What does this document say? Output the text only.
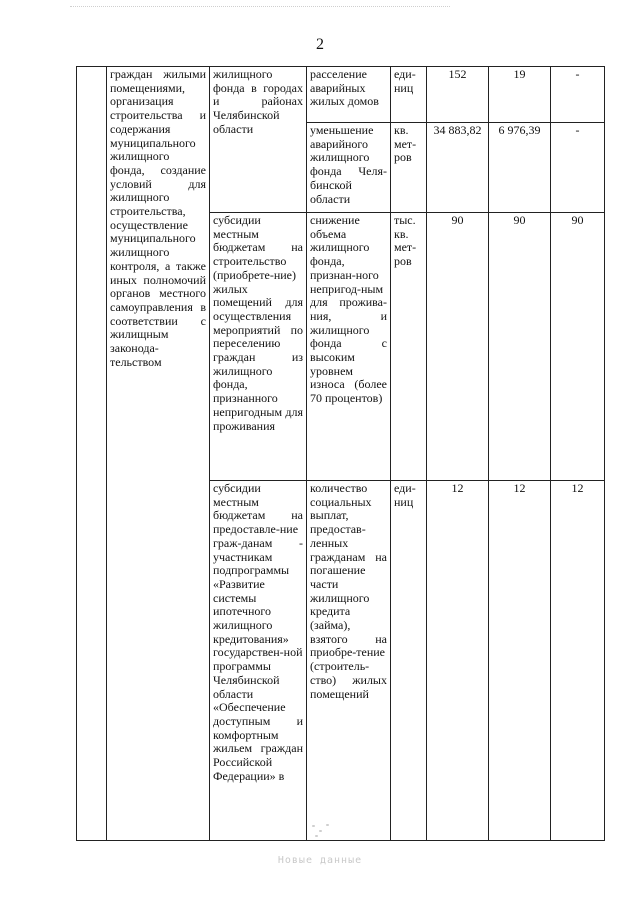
2
	граждан жилыми помещениями, организация строительства и содержания муниципального жилищного фонда, создание условий для жилищного строительства, осуществление муниципального жилищного контроля, а также иных полномочий органов местного самоуправления в соответствии с жилищным законода-тельством	жилищного фонда в городах и районах Челябинской области	расселение аварийных жилых домов	еди-ниц	152	19	-
			уменьшение аварийного жилищного фонда Челя-бинской области	кв. мет-ров	34 883,82	6 976,39	-
		субсидии местным бюджетам на строительство (приобрете-ние) жилых помещений для осуществления мероприятий по переселению граждан из жилищного фонда, признанного непригодным для проживания	снижение объема жилищного фонда, признан-ного непригод-ным для прожива-ния, и жилищного фонда с высоким уровнем износа (более 70 процентов)	тыс. кв. мет-ров	90	90	90
		субсидии местным бюджетам на предоставле-ние граж-данам - участникам подпрограммы «Развитие системы ипотечного жилищного кредитования» государствен-ной программы Челябинской области «Обеспечение доступным и комфортным жильем граждан Российской Федерации» в	количество социальных выплат, предостав-ленных гражданам на погашение части жилищного кредита (займа), взятого на приобре-тение (строитель-ство) жилых помещений	еди-ниц	12	12	12
Новые данные
